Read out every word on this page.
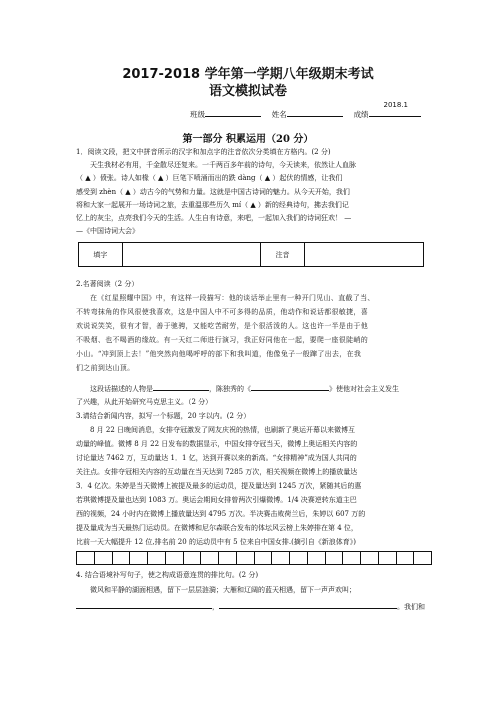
2017-2018 学年第一学期八年级期末考试
语文模拟试卷
2018.1
班级	姓名	成绩
第一部分 积累运用（20 分）
1．阅读文段，把文中拼音所示的汉字和加点字的注音依次分类填在方格内。(2 分)
天生我材必有用，千金散尽还复来。一千两百多年前的诗句，今天读来，依然让人血脉
（ ▲ ）偾张。诗人如椽（ ▲ ）巨笔下喷涌而出的跌 dàng（ ▲ ）起伏的情感，让我们
感受到 zhèn（ ▲ ）动古今的气势和力量。这就是中国古诗词的魅力。从今天开始，我们
将和大家一起展开一场诗词之旅，去重温那些历久 mí（ ▲ ）新的经典诗句，拂去我们记
忆上的灰尘，点亮我们今天的生活。人生自有诗意，来吧，一起加入我们的诗词狂欢！ —
—《中国诗词大会》
填字		注音	
2.名著阅读（2 分）
在《红星照耀中国》中，有这样一段描写：他的谈话举止里有一种开门见山、直截了当、
不转弯抹角的作风很使我喜欢，这是中国人中不可多得的品质，他动作和说话都很敏捷，喜
欢说说笑笑，很有才智，善于驰骋，又能吃苦耐劳，是个很活泼的人。这也许一半是由于他
不吸烟、也不喝酒的缘故。有一天红二师进行演习，我正好同他在一起，要爬一座很陡峭的
小山。“冲到顶上去！”他突然向他喝呼呼的部下和我叫道，他像兔子一般蹿了出去，在我
们之前到达山顶。
这段话描述的人物是	，陈独秀的《	》使他对社会主义发生
了兴趣，从此开始研究马克思主义。（2 分）
3.请结合新闻内容，拟写一个标题，20 字以内。(2 分）
8 月 22 日晚间消息，女排夺冠激发了网友庆祝的热情，也刷新了奥运开幕以来微博互
动量的峰值。微博 8 月 22 日发布的数据显示，中国女排夺冠当天，微博上奥运相关内容的
讨论量达 7462 万，互动量达 1．1 亿，达到开赛以来的新高。“女排精神”成为国人共同的
关注点。女排夺冠相关内容的互动量在当天达到 7285 万次，相关视频在微博上的播放量达
3．4 亿次。朱婷是当天微博上被提及最多的运动员，提及量达到 1245 万次，紧随其后的惠
若琪微博提及量也达到 1083 万。奥运会期间女排曾两次引爆微博。1/4 决赛逆转东道主巴
西的视频，24 小时内在微博上播放量达到 4795 万次。半决赛击败荷兰后，朱婷以 607 万的
提及量成为当天最热门运动员。在微博和尼尔森联合发布的体坛风云榜上朱婷排在第 4 位，
比前一天大幅提升 12 位,排名前 20 的运动员中有 5 位来自中国女排.(摘引自《新浪体育》)

4. 结合语境补写句子，使之构成语意连贯的排比句。(2 分)
微风和平静的湖面相遇，留下一层层涟漪；大雁和辽阔的蓝天相遇，留下一声声欢叫；
，	。我们和
